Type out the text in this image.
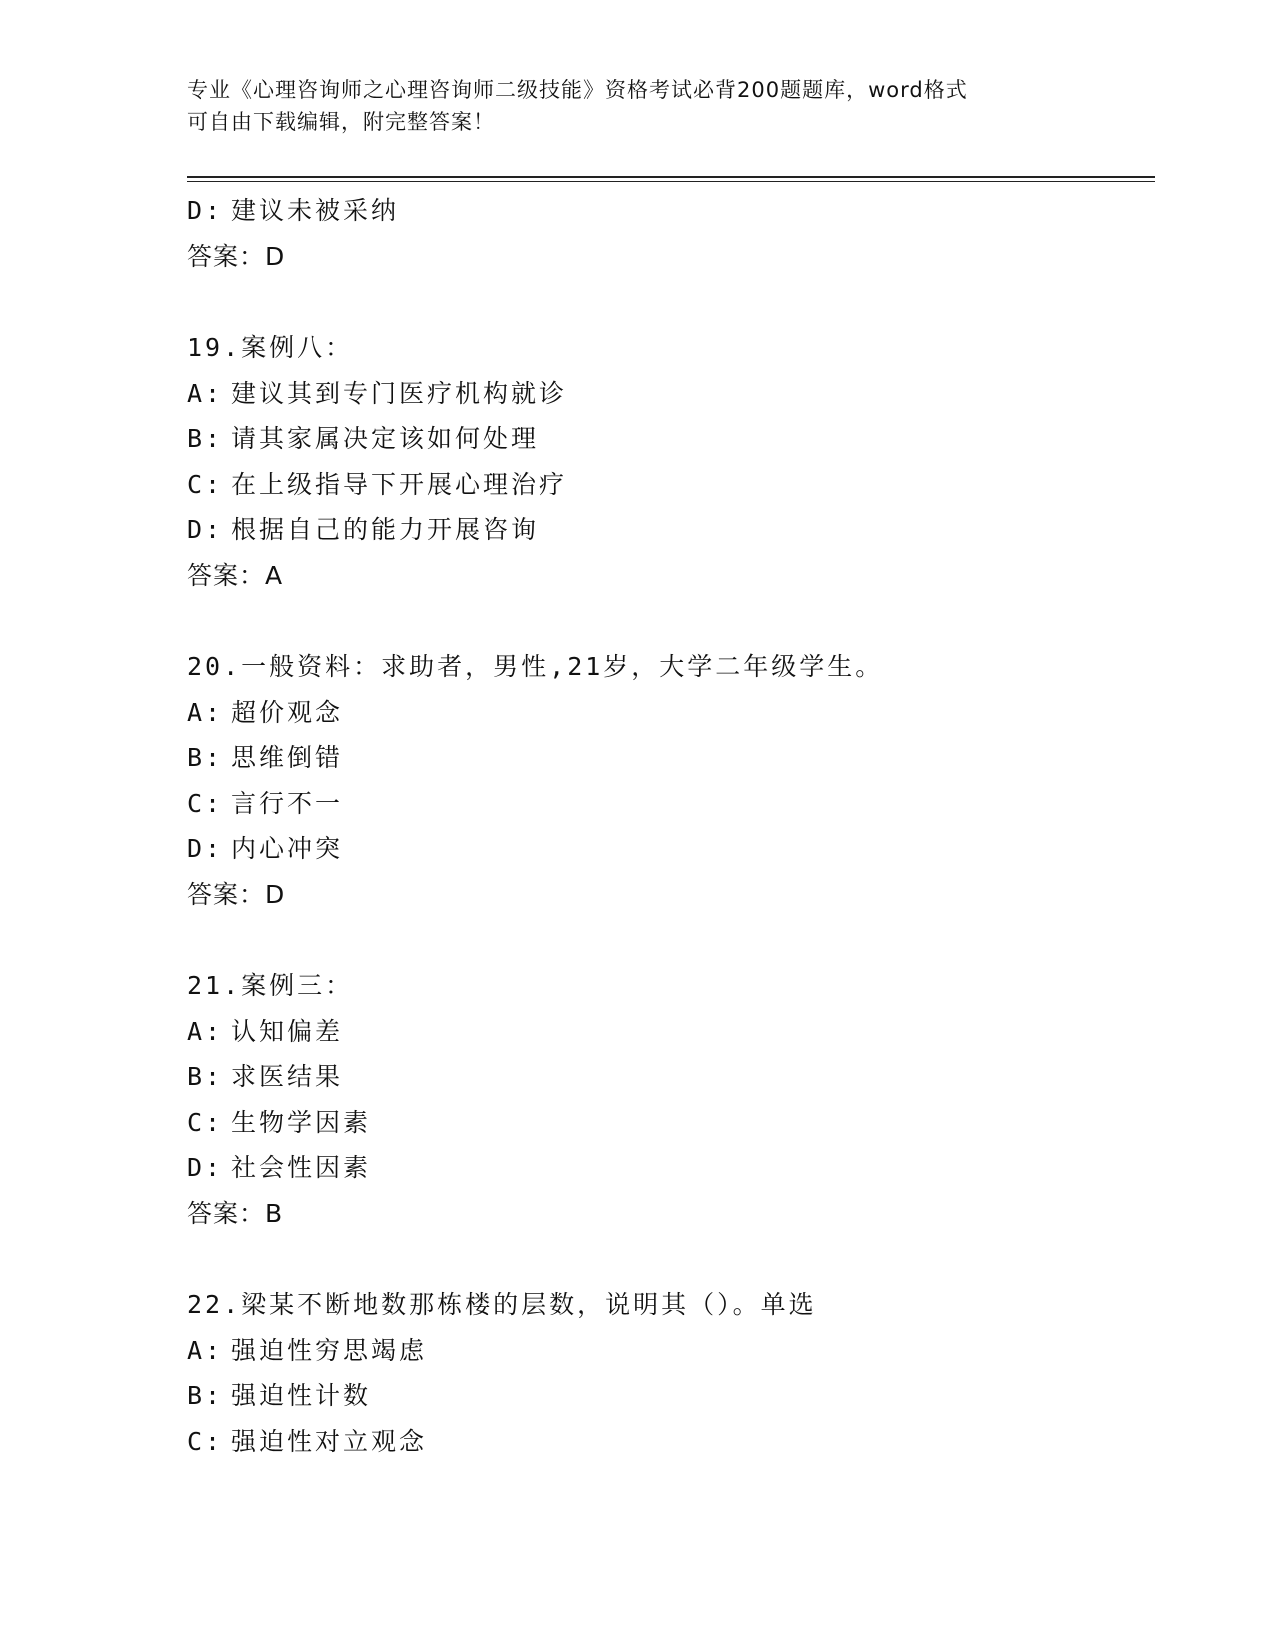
专业《心理咨询师之心理咨询师二级技能》资格考试必背200题题库，word格式
可自由下载编辑，附完整答案！
D: 建议未被采纳
答案：D
19.案例八：
A: 建议其到专门医疗机构就诊
B: 请其家属决定该如何处理
C: 在上级指导下开展心理治疗
D: 根据自己的能力开展咨询
答案：A
20.一般资料：求助者，男性,21岁，大学二年级学生。
A: 超价观念
B: 思维倒错
C: 言行不一
D: 内心冲突
答案：D
21.案例三：
A: 认知偏差
B: 求医结果
C: 生物学因素
D: 社会性因素
答案：B
22.梁某不断地数那栋楼的层数，说明其（）。单选
A: 强迫性穷思竭虑
B: 强迫性计数
C: 强迫性对立观念
